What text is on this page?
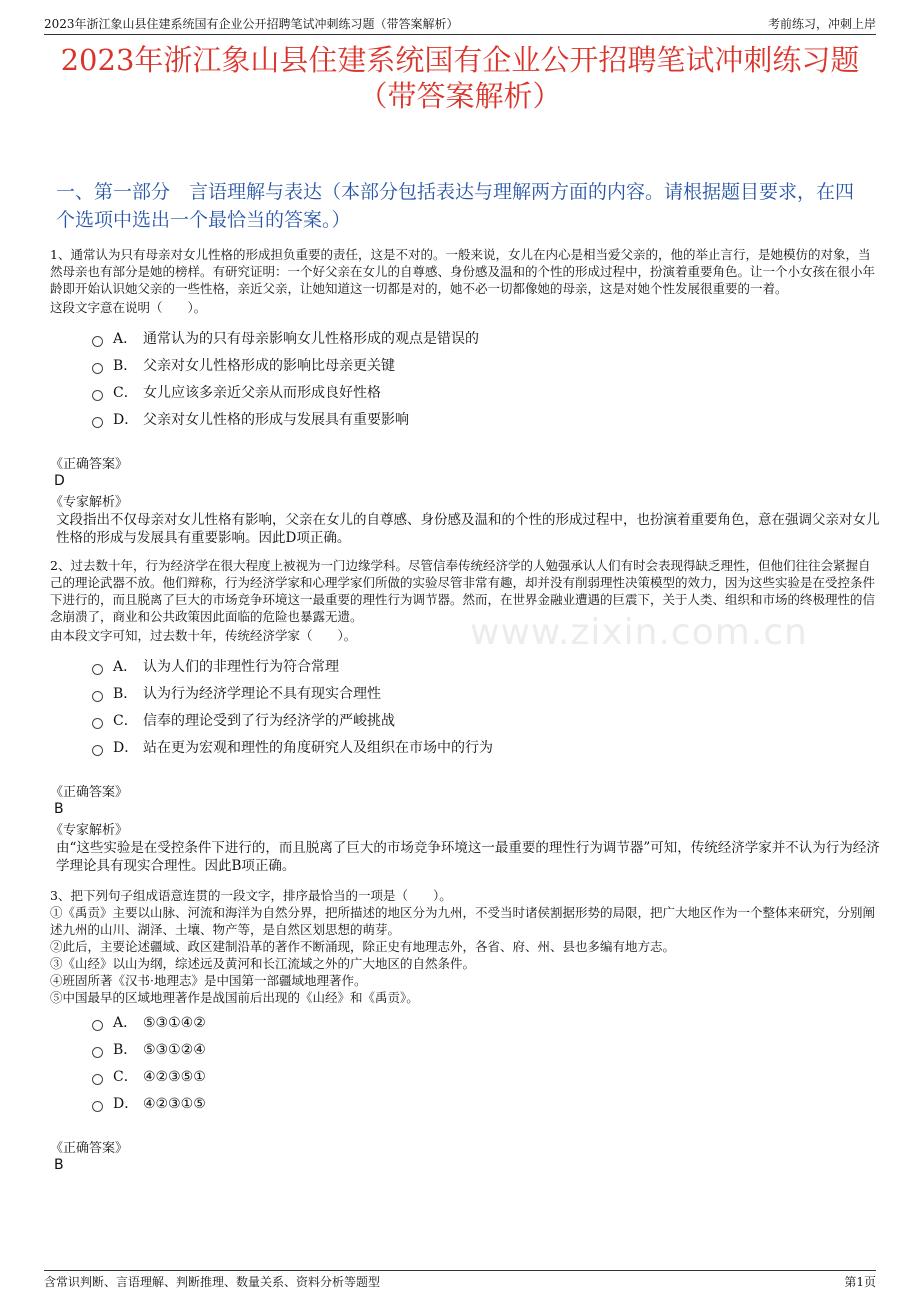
2023年浙江象山县住建系统国有企业公开招聘笔试冲刺练习题（带答案解析）	考前练习，冲刺上岸
2023年浙江象山县住建系统国有企业公开招聘笔试冲刺练习题
（带答案解析）
一、第一部分　言语理解与表达（本部分包括表达与理解两方面的内容。请根据题目要求，在四个选项中选出一个最恰当的答案。）
www.zixin.com.cn

1、通常认为只有母亲对女儿性格的形成担负重要的责任，这是不对的。一般来说，女儿在内心是相当爱父亲的，他的举止言行，是她模仿的对象，当然母亲也有部分是她的榜样。有研究证明：一个好父亲在女儿的自尊感、身份感及温和的个性的形成过程中，扮演着重要角色。让一个小女孩在很小年龄即开始认识她父亲的一些性格，亲近父亲，让她知道这一切都是对的，她不必一切都像她的母亲，这是对她个性发展很重要的一着。

这段文字意在说明（　　）。

A． 通常认为的只有母亲影响女儿性格形成的观点是错误的
B． 父亲对女儿性格形成的影响比母亲更关键
C． 女儿应该多亲近父亲从而形成良好性格
D． 父亲对女儿性格的形成与发展具有重要影响
《正确答案》
D
《专家解析》
文段指出不仅母亲对女儿性格有影响，父亲在女儿的自尊感、身份感及温和的个性的形成过程中，也扮演着重要角色，意在强调父亲对女儿性格的形成与发展具有重要影响。因此D项正确。

2、过去数十年，行为经济学在很大程度上被视为一门边缘学科。尽管信奉传统经济学的人勉强承认人们有时会表现得缺乏理性，但他们往往会紧握自己的理论武器不放。他们辩称，行为经济学家和心理学家们所做的实验尽管非常有趣，却并没有削弱理性决策模型的效力，因为这些实验是在受控条件下进行的，而且脱离了巨大的市场竞争环境这一最重要的理性行为调节器。然而，在世界金融业遭遇的巨震下，关于人类、组织和市场的终极理性的信念崩溃了，商业和公共政策因此面临的危险也暴露无遗。

由本段文字可知，过去数十年，传统经济学家（　　）。

A． 认为人们的非理性行为符合常理
B． 认为行为经济学理论不具有现实合理性
C． 信奉的理论受到了行为经济学的严峻挑战
D． 站在更为宏观和理性的角度研究人及组织在市场中的行为
《正确答案》
B
《专家解析》
由“这些实验是在受控条件下进行的，而且脱离了巨大的市场竞争环境这一最重要的理性行为调节器”可知，传统经济学家并不认为行为经济学理论具有现实合理性。因此B项正确。

3、把下列句子组成语意连贯的一段文字，排序最恰当的一项是（　　）。

①《禹贡》主要以山脉、河流和海洋为自然分界，把所描述的地区分为九州，不受当时诸侯割据形势的局限，把广大地区作为一个整体来研究，分别阐述九州的山川、湖泽、土壤、物产等，是自然区划思想的萌芽。

②此后，主要论述疆域、政区建制沿革的著作不断涌现，除正史有地理志外，各省、府、州、县也多编有地方志。

③《山经》以山为纲，综述远及黄河和长江流域之外的广大地区的自然条件。

④班固所著《汉书·地理志》是中国第一部疆域地理著作。

⑤中国最早的区域地理著作是战国前后出现的《山经》和《禹贡》。

A． ⑤③①④②
B． ⑤③①②④
C． ④②③⑤①
D． ④②③①⑤
《正确答案》
B
含常识判断、言语理解、判断推理、数量关系、资料分析等题型	第1页
